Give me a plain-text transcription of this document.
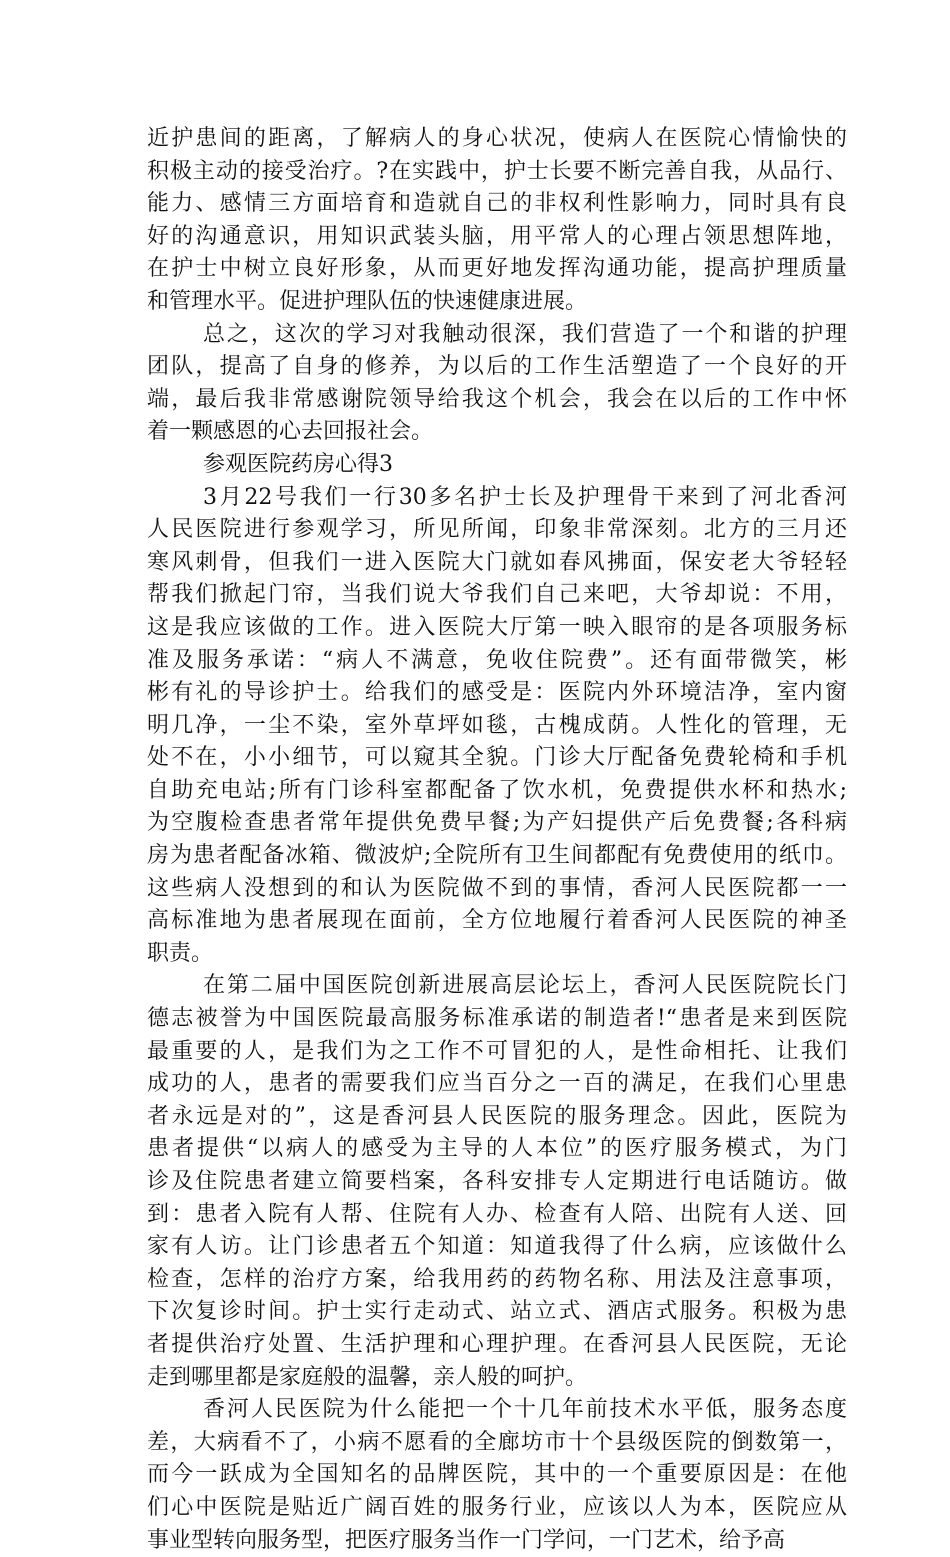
近护患间的距离，了解病人的身心状况，使病人在医院心情愉快的
积极主动的接受治疗。?在实践中，护士长要不断完善自我，从品行、
能力、感情三方面培育和造就自己的非权利性影响力，同时具有良
好的沟通意识，用知识武装头脑，用平常人的心理占领思想阵地，
在护士中树立良好形象，从而更好地发挥沟通功能，提高护理质量
和管理水平。促进护理队伍的快速健康进展。
总之，这次的学习对我触动很深，我们营造了一个和谐的护理
团队，提高了自身的修养，为以后的工作生活塑造了一个良好的开
端，最后我非常感谢院领导给我这个机会，我会在以后的工作中怀
着一颗感恩的心去回报社会。
参观医院药房心得3
3月22号我们一行30多名护士长及护理骨干来到了河北香河
人民医院进行参观学习，所见所闻，印象非常深刻。北方的三月还
寒风刺骨，但我们一进入医院大门就如春风拂面，保安老大爷轻轻
帮我们掀起门帘，当我们说大爷我们自己来吧，大爷却说：不用，
这是我应该做的工作。进入医院大厅第一映入眼帘的是各项服务标
准及服务承诺：“病人不满意，免收住院费”。还有面带微笑，彬
彬有礼的导诊护士。给我们的感受是：医院内外环境洁净，室内窗
明几净，一尘不染，室外草坪如毯，古槐成荫。人性化的管理，无
处不在，小小细节，可以窥其全貌。门诊大厅配备免费轮椅和手机
自助充电站;所有门诊科室都配备了饮水机，免费提供水杯和热水;
为空腹检查患者常年提供免费早餐;为产妇提供产后免费餐;各科病
房为患者配备冰箱、微波炉;全院所有卫生间都配有免费使用的纸巾。
这些病人没想到的和认为医院做不到的事情，香河人民医院都一一
高标准地为患者展现在面前，全方位地履行着香河人民医院的神圣
职责。
在第二届中国医院创新进展高层论坛上，香河人民医院院长门
德志被誉为中国医院最高服务标准承诺的制造者!“患者是来到医院
最重要的人，是我们为之工作不可冒犯的人，是性命相托、让我们
成功的人，患者的需要我们应当百分之一百的满足，在我们心里患
者永远是对的”，这是香河县人民医院的服务理念。因此，医院为
患者提供“以病人的感受为主导的人本位”的医疗服务模式，为门
诊及住院患者建立简要档案，各科安排专人定期进行电话随访。做
到：患者入院有人帮、住院有人办、检查有人陪、出院有人送、回
家有人访。让门诊患者五个知道：知道我得了什么病，应该做什么
检查，怎样的治疗方案，给我用药的药物名称、用法及注意事项，
下次复诊时间。护士实行走动式、站立式、酒店式服务。积极为患
者提供治疗处置、生活护理和心理护理。在香河县人民医院，无论
走到哪里都是家庭般的温馨，亲人般的呵护。
香河人民医院为什么能把一个十几年前技术水平低，服务态度
差，大病看不了，小病不愿看的全廊坊市十个县级医院的倒数第一，
而今一跃成为全国知名的品牌医院，其中的一个重要原因是：在他
们心中医院是贴近广阔百姓的服务行业，应该以人为本，医院应从
事业型转向服务型，把医疗服务当作一门学问，一门艺术，给予高
